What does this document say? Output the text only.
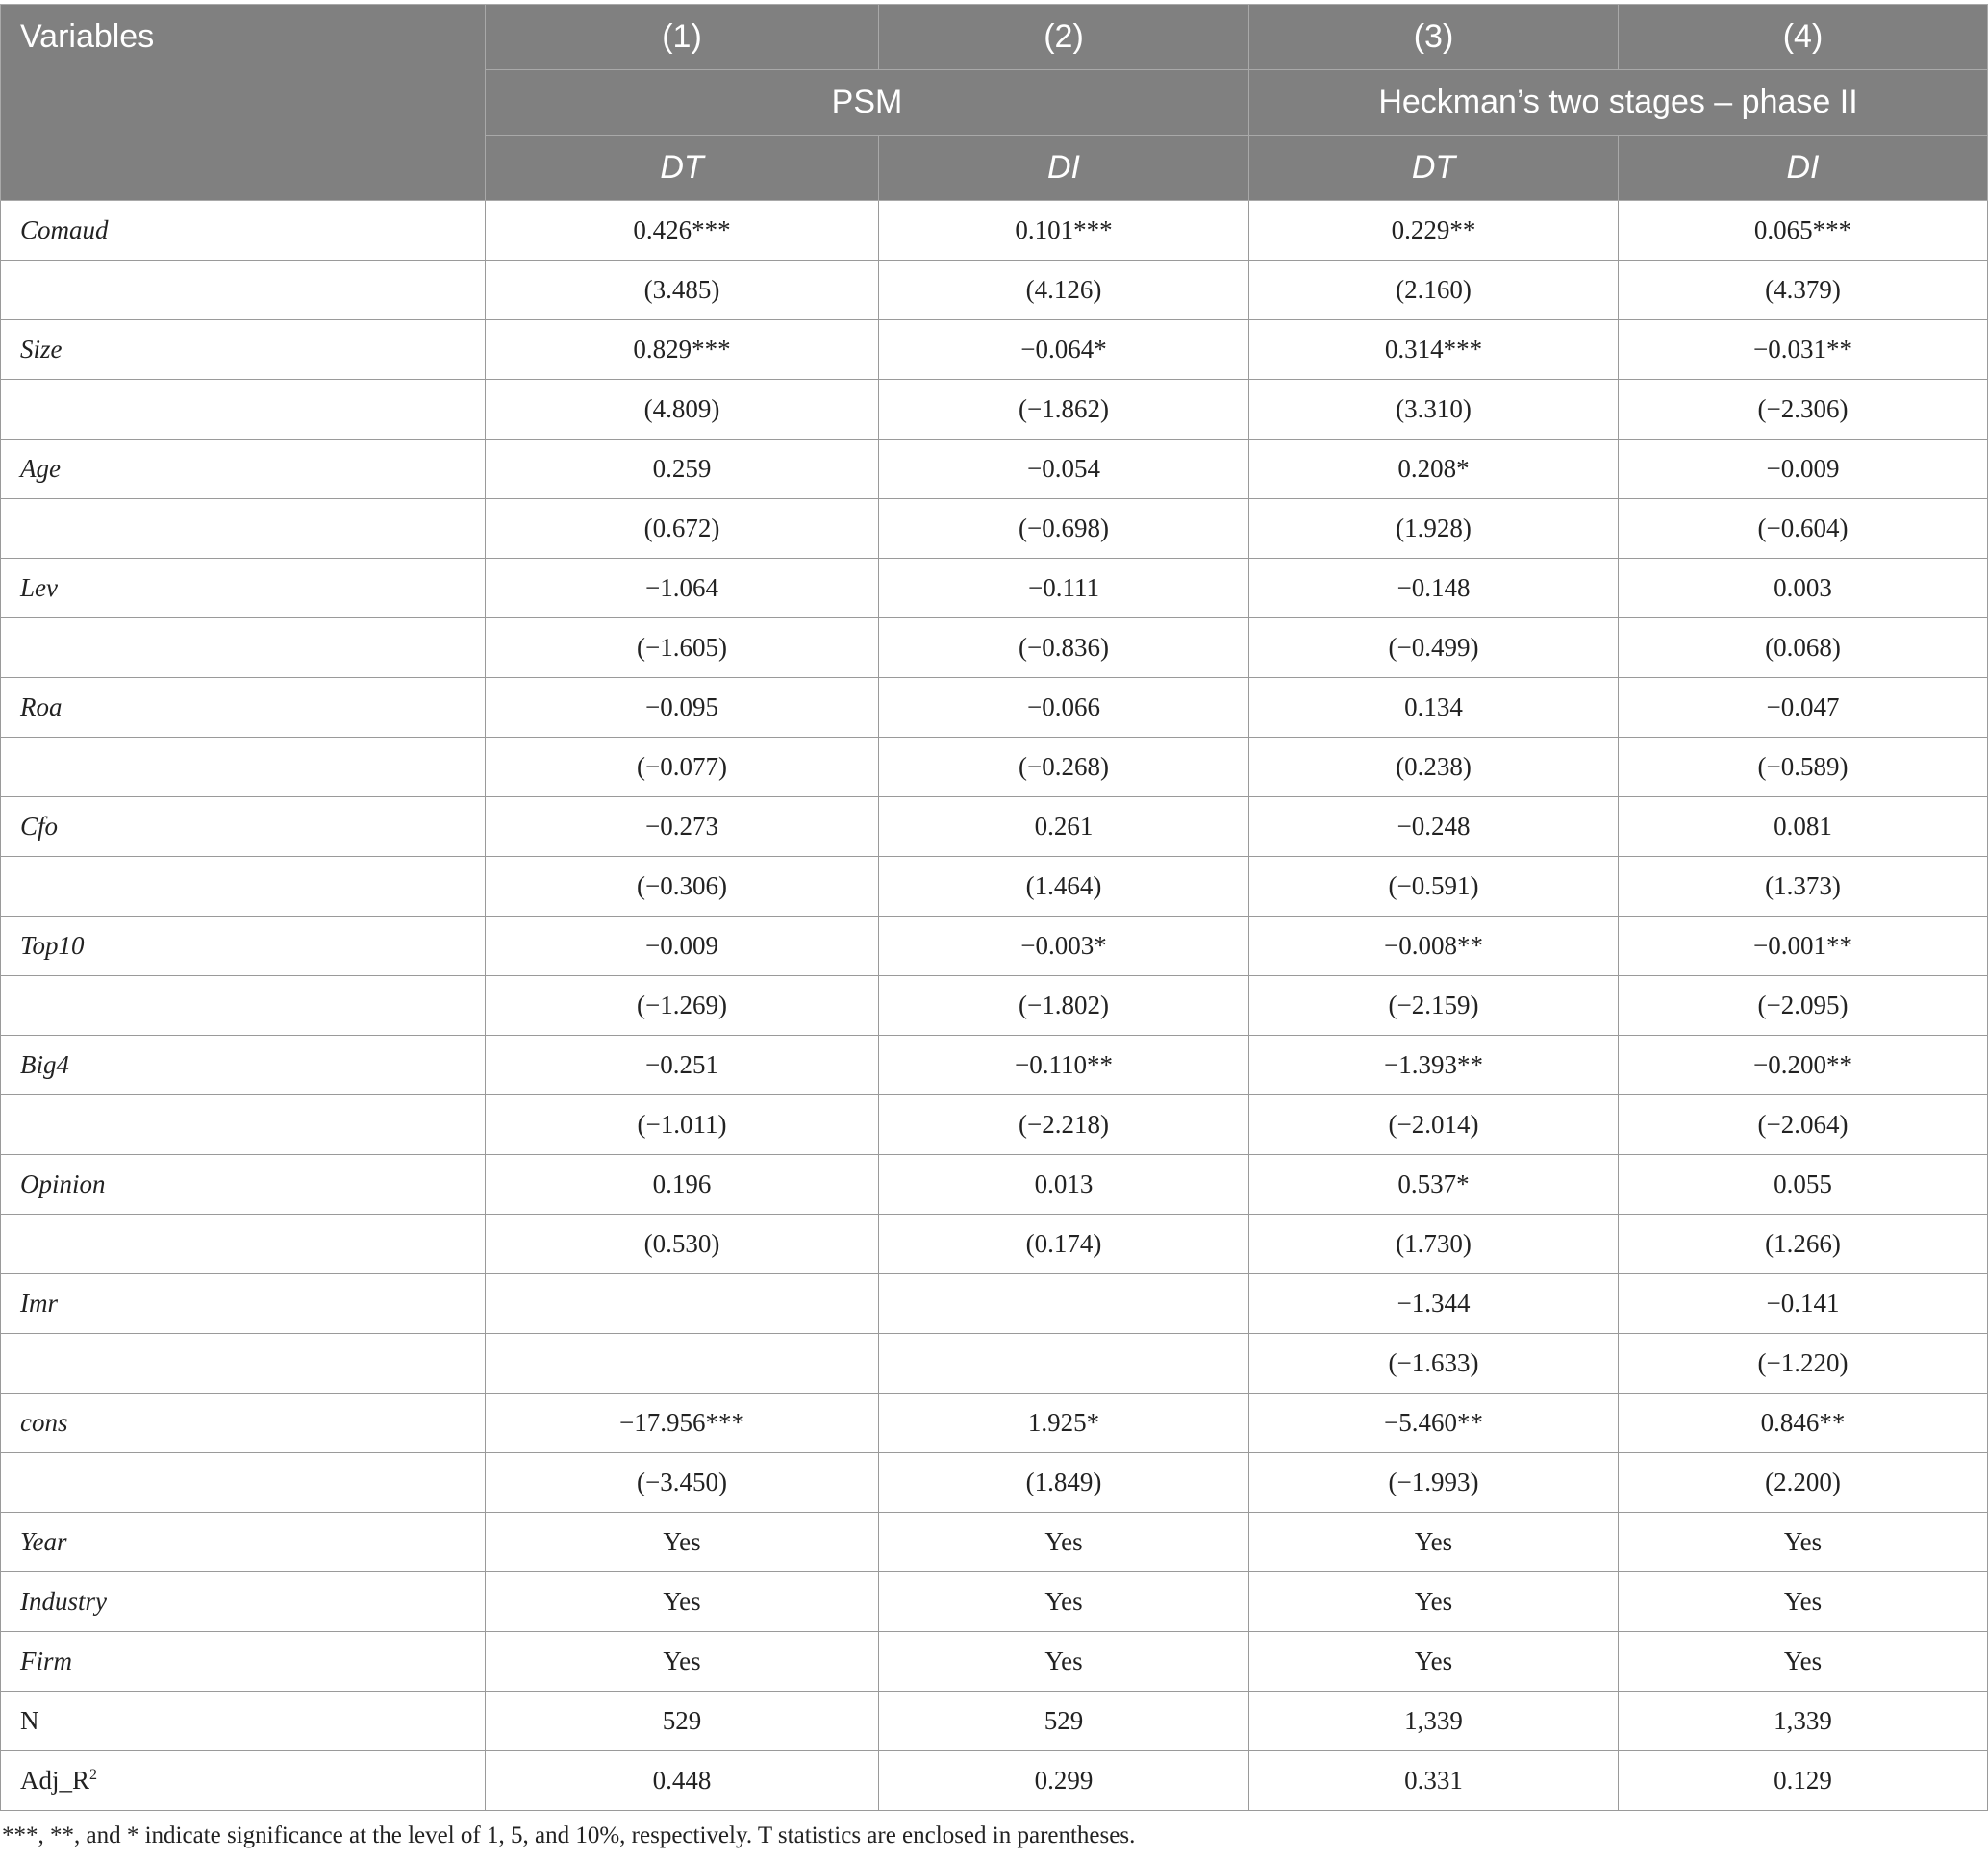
Variables	(1)	(2)	(3)	(4)
	PSM		Heckman’s two stages – phase II	
	DT	DI	DT	DI
Comaud	0.426***	0.101***	0.229**	0.065***
	(3.485)	(4.126)	(2.160)	(4.379)
Size	0.829***	−0.064*	0.314***	−0.031**
	(4.809)	(−1.862)	(3.310)	(−2.306)
Age	0.259	−0.054	0.208*	−0.009
	(0.672)	(−0.698)	(1.928)	(−0.604)
Lev	−1.064	−0.111	−0.148	0.003
	(−1.605)	(−0.836)	(−0.499)	(0.068)
Roa	−0.095	−0.066	0.134	−0.047
	(−0.077)	(−0.268)	(0.238)	(−0.589)
Cfo	−0.273	0.261	−0.248	0.081
	(−0.306)	(1.464)	(−0.591)	(1.373)
Top10	−0.009	−0.003*	−0.008**	−0.001**
	(−1.269)	(−1.802)	(−2.159)	(−2.095)
Big4	−0.251	−0.110**	−1.393**	−0.200**
	(−1.011)	(−2.218)	(−2.014)	(−2.064)
Opinion	0.196	0.013	0.537*	0.055
	(0.530)	(0.174)	(1.730)	(1.266)
Imr			−1.344	−0.141
			(−1.633)	(−1.220)
cons	−17.956***	1.925*	−5.460**	0.846**
	(−3.450)	(1.849)	(−1.993)	(2.200)
Year	Yes	Yes	Yes	Yes
Industry	Yes	Yes	Yes	Yes
Firm	Yes	Yes	Yes	Yes
N	529	529	1,339	1,339
$Adj\_R^2$	0.448	0.299	0.331	0.129
***, **, and * indicate significance at the level of 1, 5, and 10%, respectively. T statistics are enclosed in parentheses.
